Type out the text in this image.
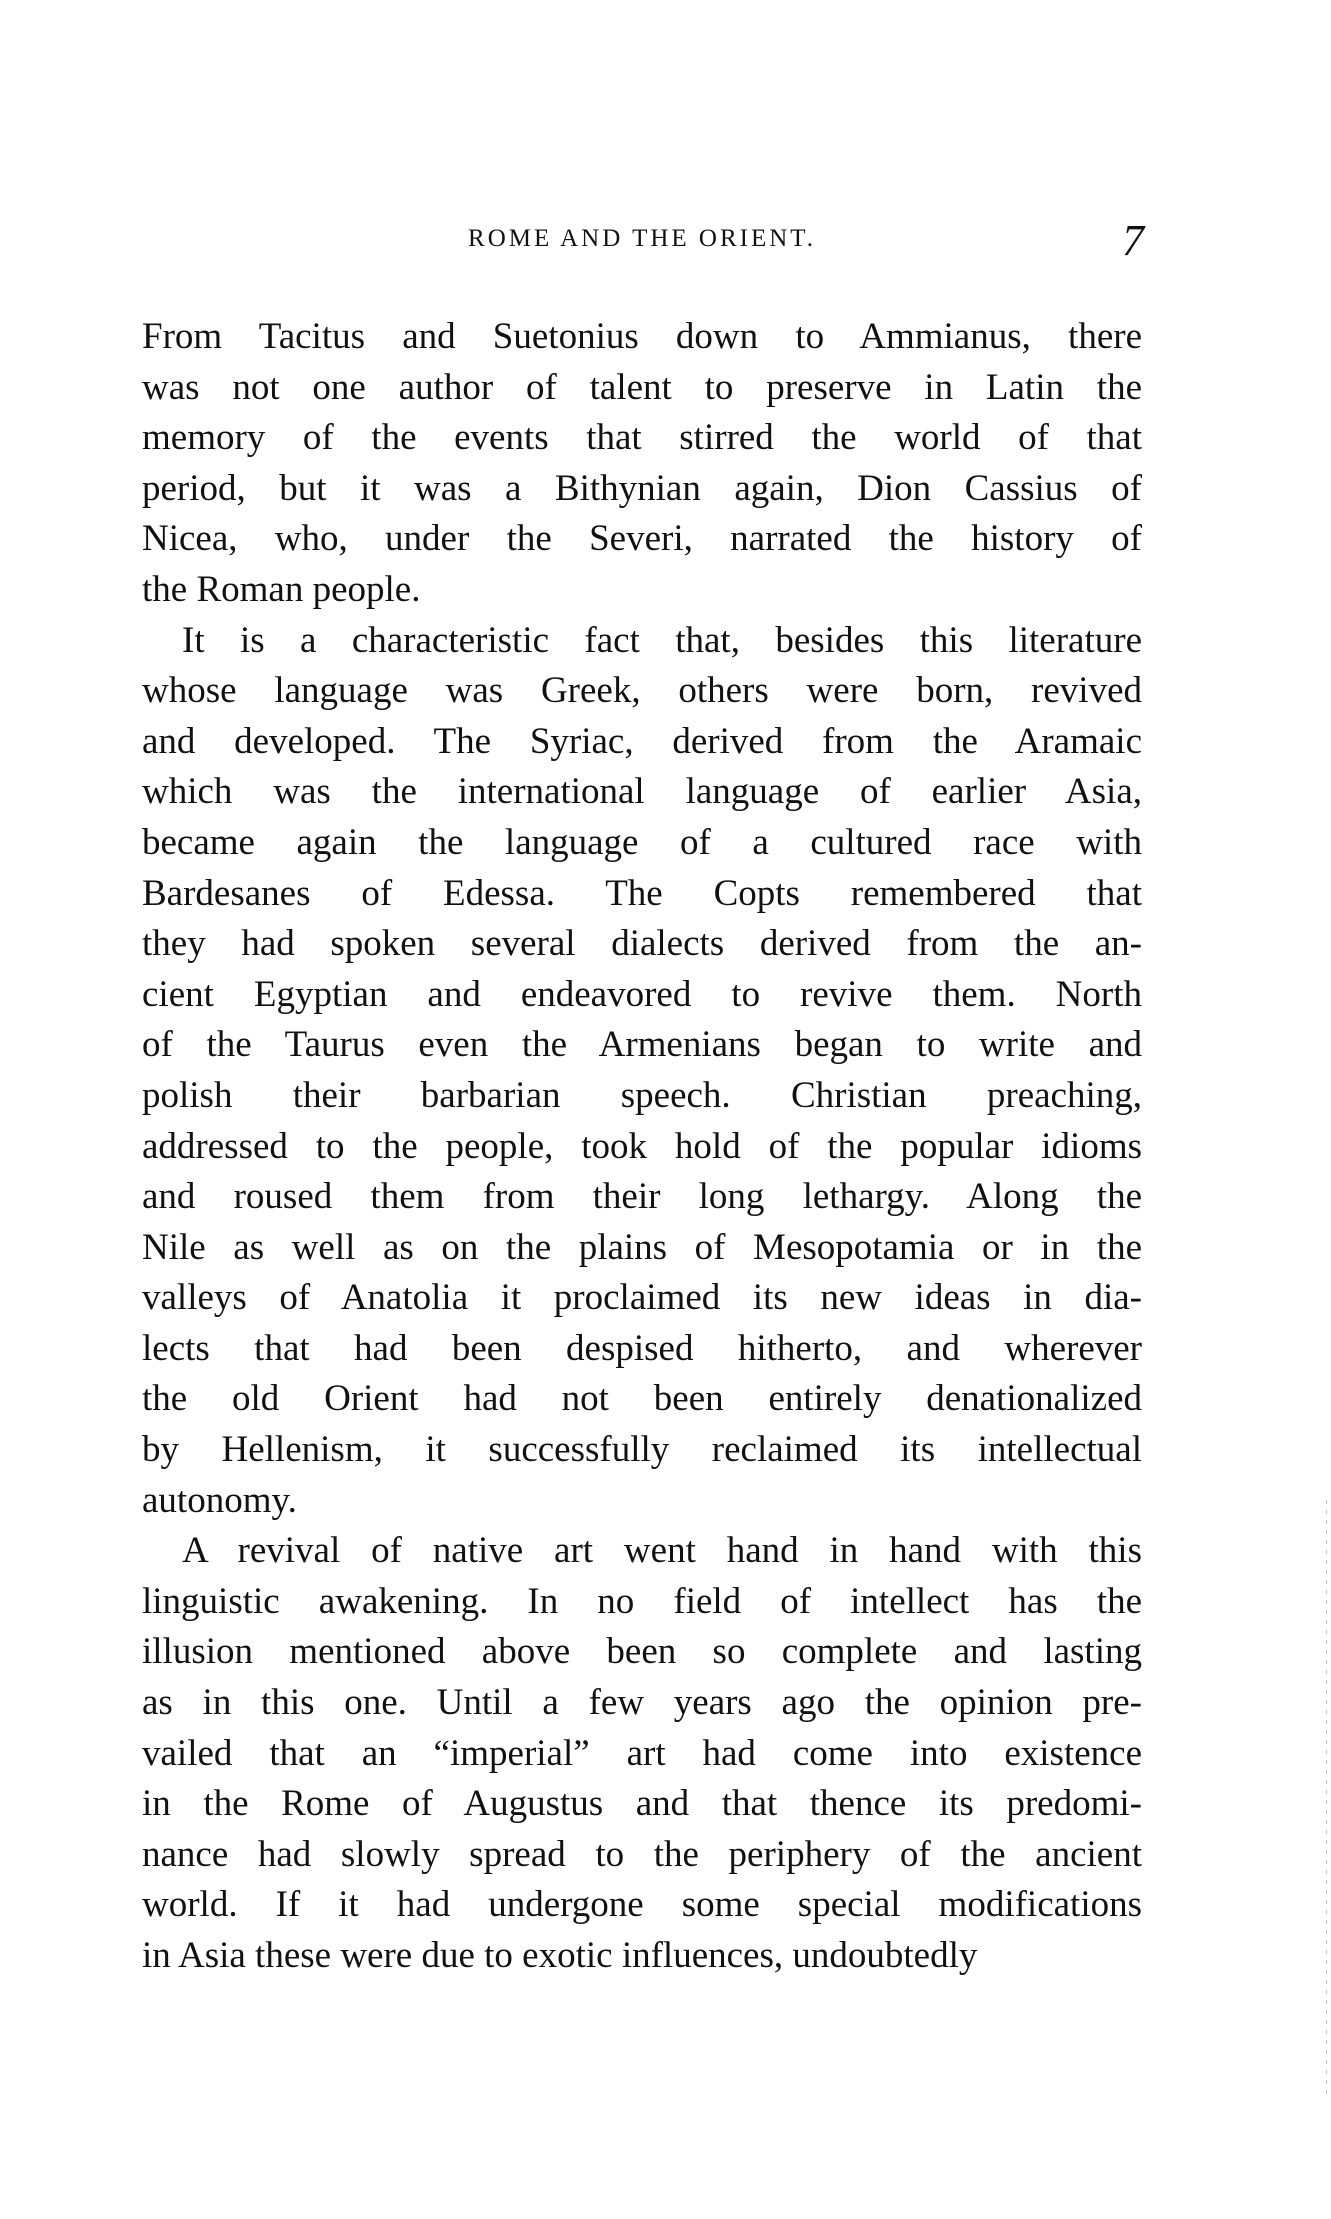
ROME AND THE ORIENT.	7
From Tacitus and Suetonius down to Ammianus, there
was not one author of talent to preserve in Latin the
memory of the events that stirred the world of that
period, but it was a Bithynian again, Dion Cassius of
Nicea, who, under the Severi, narrated the history of
the Roman people.
It is a characteristic fact that, besides this literature
whose language was Greek, others were born, revived
and developed. The Syriac, derived from the Aramaic
which was the international language of earlier Asia,
became again the language of a cultured race with
Bardesanes of Edessa. The Copts remembered that
they had spoken several dialects derived from the an-
cient Egyptian and endeavored to revive them. North
of the Taurus even the Armenians began to write and
polish their barbarian speech. Christian preaching,
addressed to the people, took hold of the popular idioms
and roused them from their long lethargy. Along the
Nile as well as on the plains of Mesopotamia or in the
valleys of Anatolia it proclaimed its new ideas in dia-
lects that had been despised hitherto, and wherever
the old Orient had not been entirely denationalized
by Hellenism, it successfully reclaimed its intellectual
autonomy.
A revival of native art went hand in hand with this
linguistic awakening. In no field of intellect has the
illusion mentioned above been so complete and lasting
as in this one. Until a few years ago the opinion pre-
vailed that an “imperial” art had come into existence
in the Rome of Augustus and that thence its predomi-
nance had slowly spread to the periphery of the ancient
world. If it had undergone some special modifications
in Asia these were due to exotic influences, undoubtedly
